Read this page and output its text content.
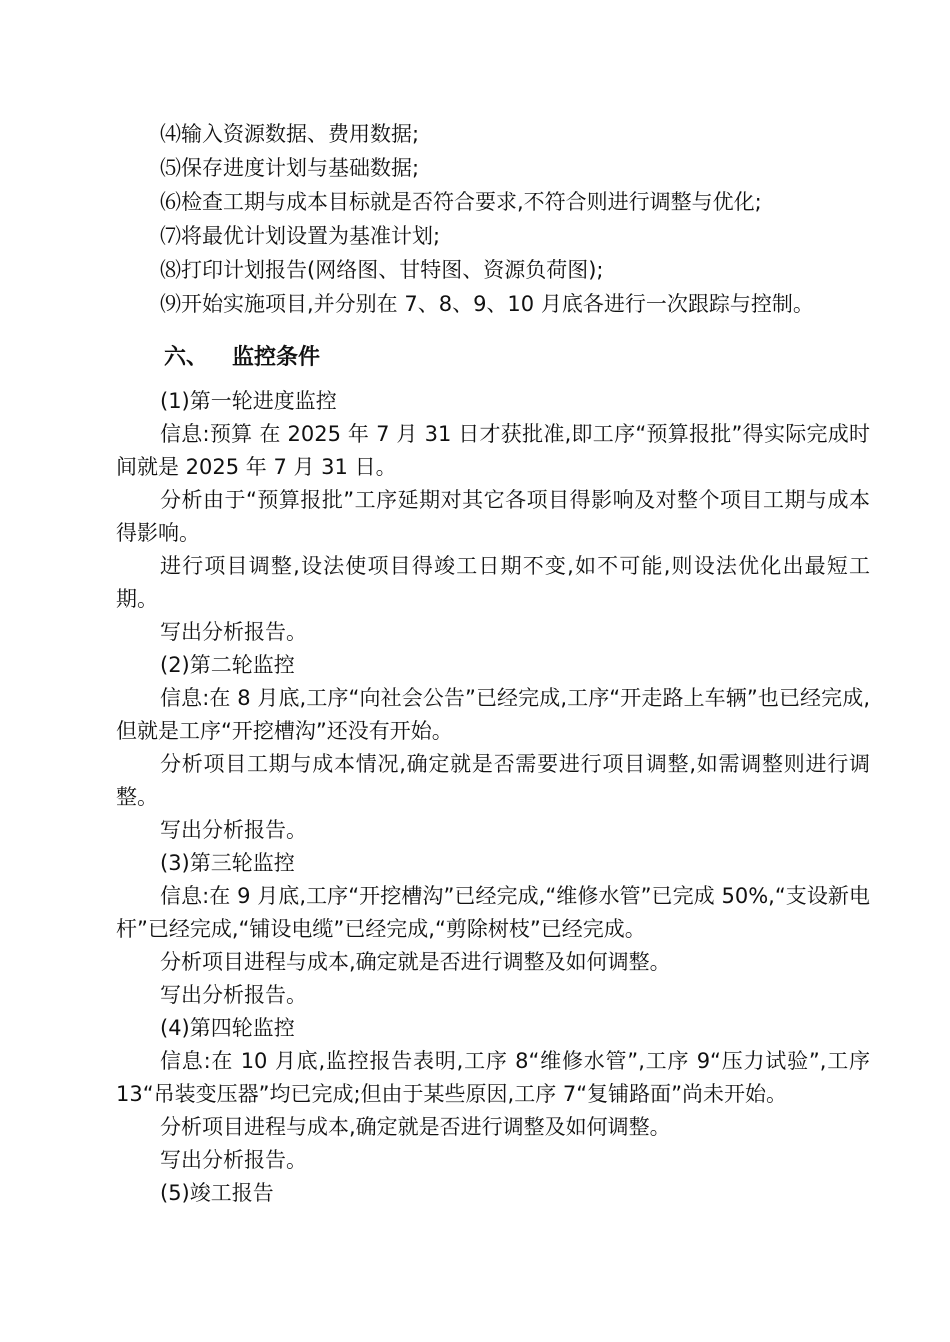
⑷输入资源数据、费用数据;
⑸保存进度计划与基础数据;
⑹检查工期与成本目标就是否符合要求,不符合则进行调整与优化;
⑺将最优计划设置为基准计划;
⑻打印计划报告(网络图、甘特图、资源负荷图);
⑼开始实施项目,并分别在 7、8、9、10 月底各进行一次跟踪与控制。
六、 监控条件

(1)第一轮进度监控

信息:预算 在 2025 年 7 月 31 日才获批准,即工序“预算报批”得实际完成时间就是 2025 年 7 月 31 日。

分析由于“预算报批”工序延期对其它各项目得影响及对整个项目工期与成本得影响。

进行项目调整,设法使项目得竣工日期不变,如不可能,则设法优化出最短工期。

写出分析报告。

(2)第二轮监控

信息:在 8 月底,工序“向社会公告”已经完成,工序“开走路上车辆”也已经完成,但就是工序“开挖槽沟”还没有开始。

分析项目工期与成本情况,确定就是否需要进行项目调整,如需调整则进行调整。

写出分析报告。

(3)第三轮监控

信息:在 9 月底,工序“开挖槽沟”已经完成,“维修水管”已完成 50%,“支设新电杆”已经完成,“铺设电缆”已经完成,“剪除树枝”已经完成。

分析项目进程与成本,确定就是否进行调整及如何调整。

写出分析报告。

(4)第四轮监控

信息:在 10 月底,监控报告表明,工序 8“维修水管”,工序 9“压力试验”,工序 13“吊装变压器”均已完成;但由于某些原因,工序 7“复铺路面”尚未开始。

分析项目进程与成本,确定就是否进行调整及如何调整。

写出分析报告。

(5)竣工报告
